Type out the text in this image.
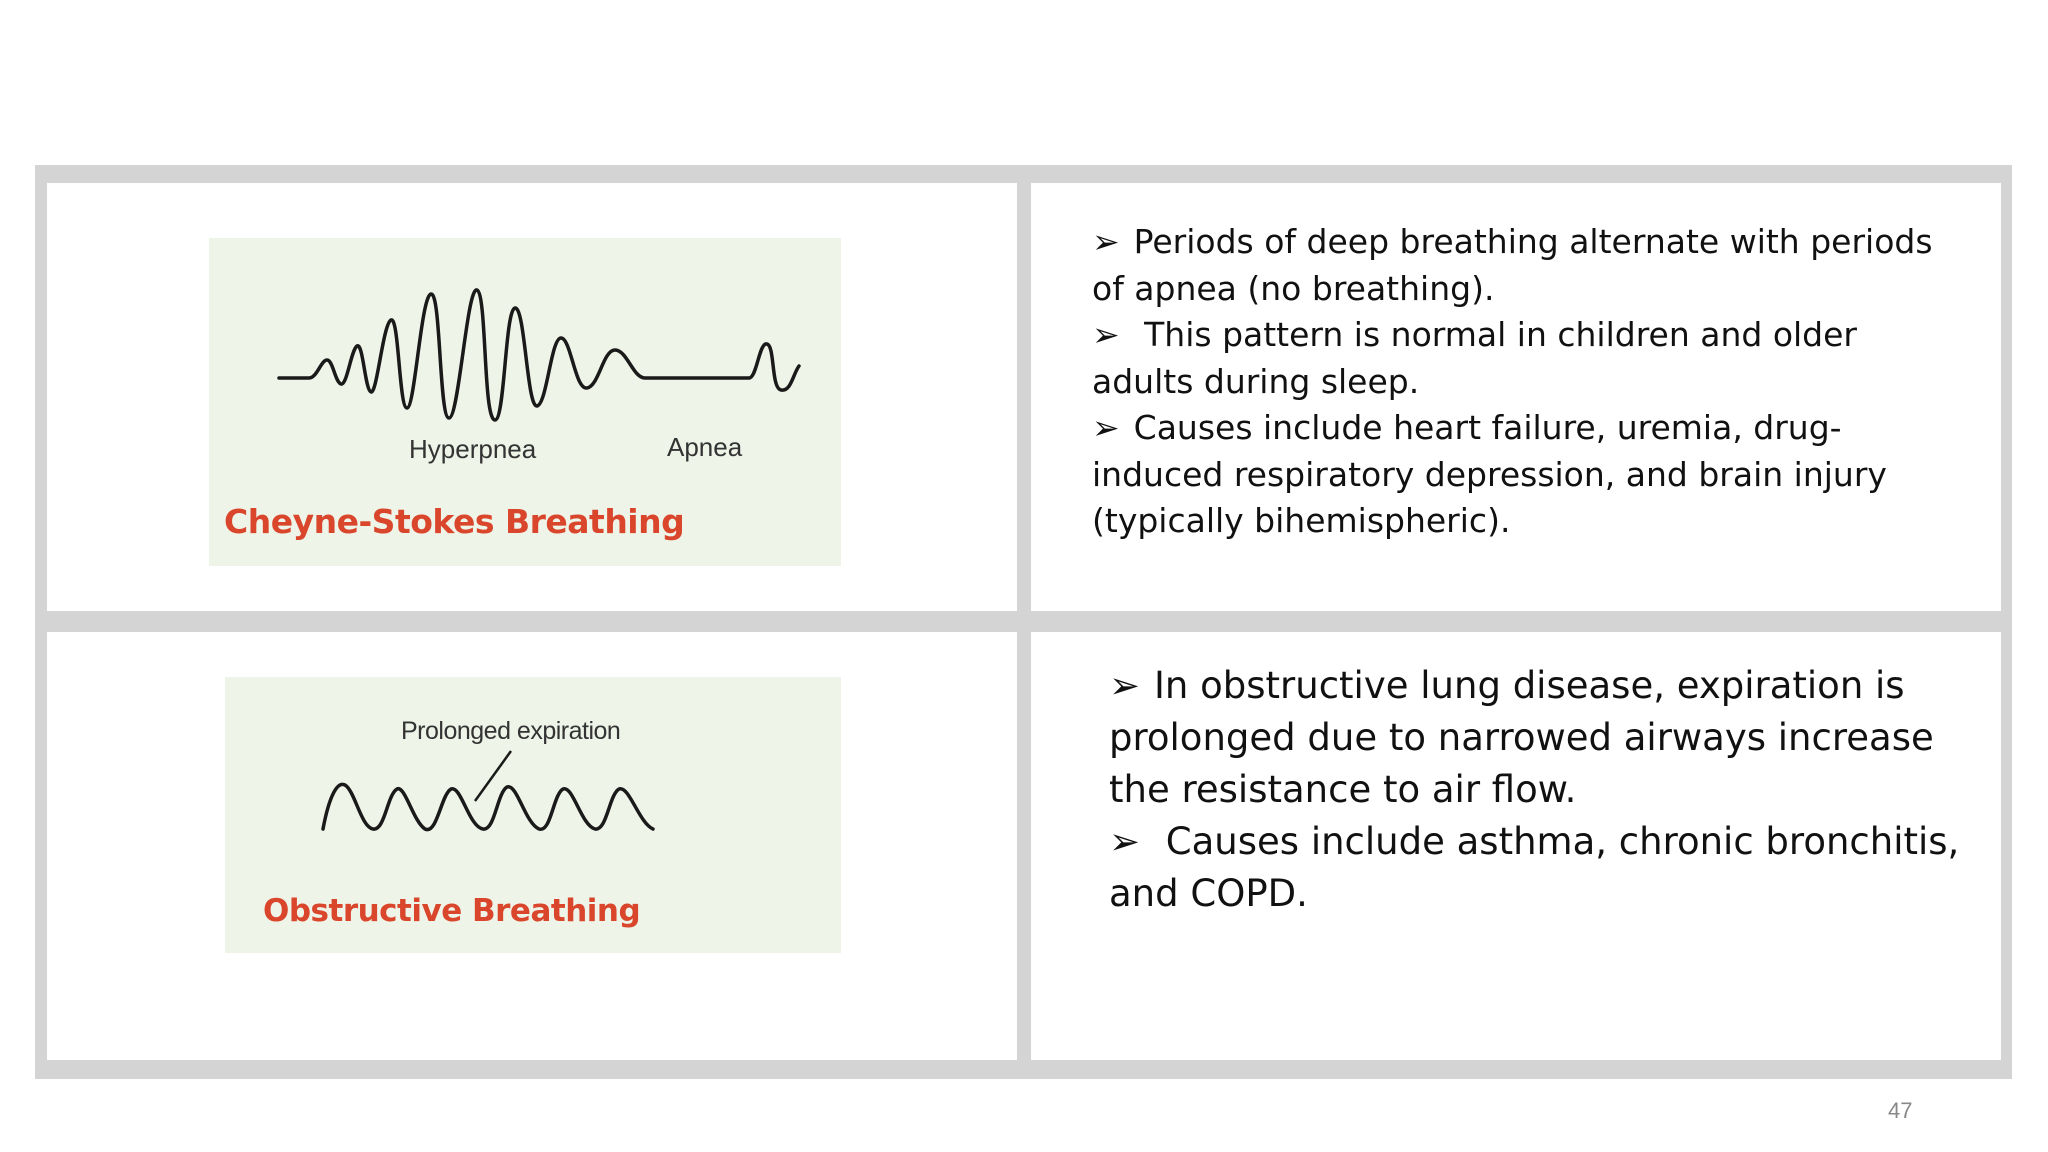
Hyperpnea	Apnea
Cheyne-Stokes Breathing

➢ Periods of deep breathing alternate with periods of apnea (no breathing).

➢ This pattern is normal in children and older adults during sleep.

➢ Causes include heart failure, uremia, drug-induced respiratory depression, and brain injury (typically bihemispheric).

Prolonged expiration
Obstructive Breathing

➢ In obstructive lung disease, expiration is prolonged due to narrowed airways increase the resistance to air flow.

➢ Causes include asthma, chronic bronchitis, and COPD.

47
